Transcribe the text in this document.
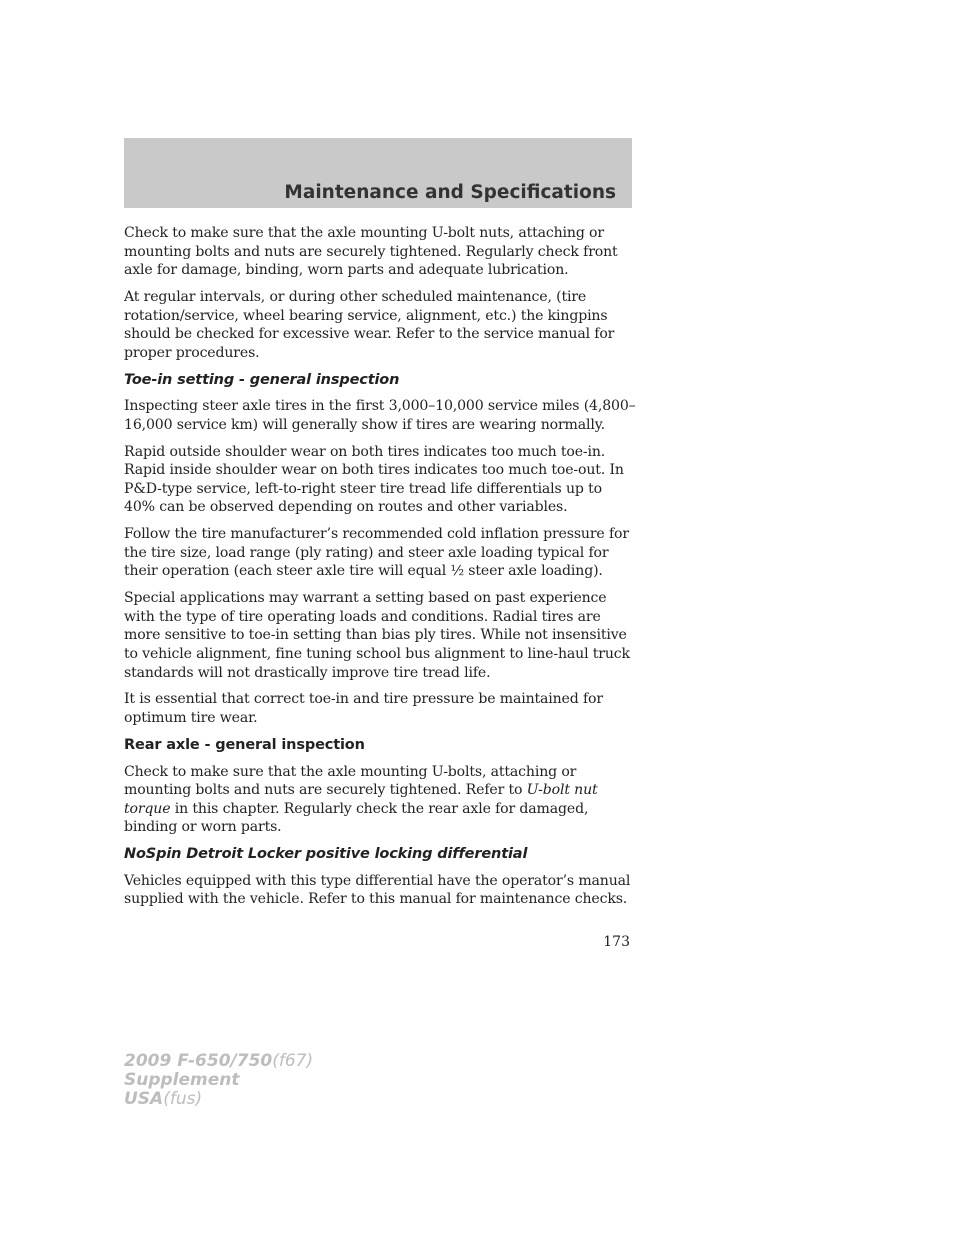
Maintenance and Specifications

Check to make sure that the axle mounting U-bolt nuts, attaching or mounting bolts and nuts are securely tightened. Regularly check front axle for damage, binding, worn parts and adequate lubrication.

At regular intervals, or during other scheduled maintenance, (tire rotation/service, wheel bearing service, alignment, etc.) the kingpins should be checked for excessive wear. Refer to the service manual for proper procedures.

Toe-in setting - general inspection

Inspecting steer axle tires in the first 3,000–10,000 service miles (4,800–16,000 service km) will generally show if tires are wearing normally.

Rapid outside shoulder wear on both tires indicates too much toe-in. Rapid inside shoulder wear on both tires indicates too much toe-out. In P&D-type service, left-to-right steer tire tread life differentials up to 40% can be observed depending on routes and other variables.

Follow the tire manufacturer’s recommended cold inflation pressure for the tire size, load range (ply rating) and steer axle loading typical for their operation (each steer axle tire will equal ½ steer axle loading).

Special applications may warrant a setting based on past experience with the type of tire operating loads and conditions. Radial tires are more sensitive to toe-in setting than bias ply tires. While not insensitive to vehicle alignment, fine tuning school bus alignment to line-haul truck standards will not drastically improve tire tread life.

It is essential that correct toe-in and tire pressure be maintained for optimum tire wear.

Rear axle - general inspection

Check to make sure that the axle mounting U-bolts, attaching or mounting bolts and nuts are securely tightened. Refer to U-bolt nut torque in this chapter. Regularly check the rear axle for damaged, binding or worn parts.

NoSpin Detroit Locker positive locking differential

Vehicles equipped with this type differential have the operator’s manual supplied with the vehicle. Refer to this manual for maintenance checks.

173
2009 F-650/750(f67)
Supplement
USA(fus)
